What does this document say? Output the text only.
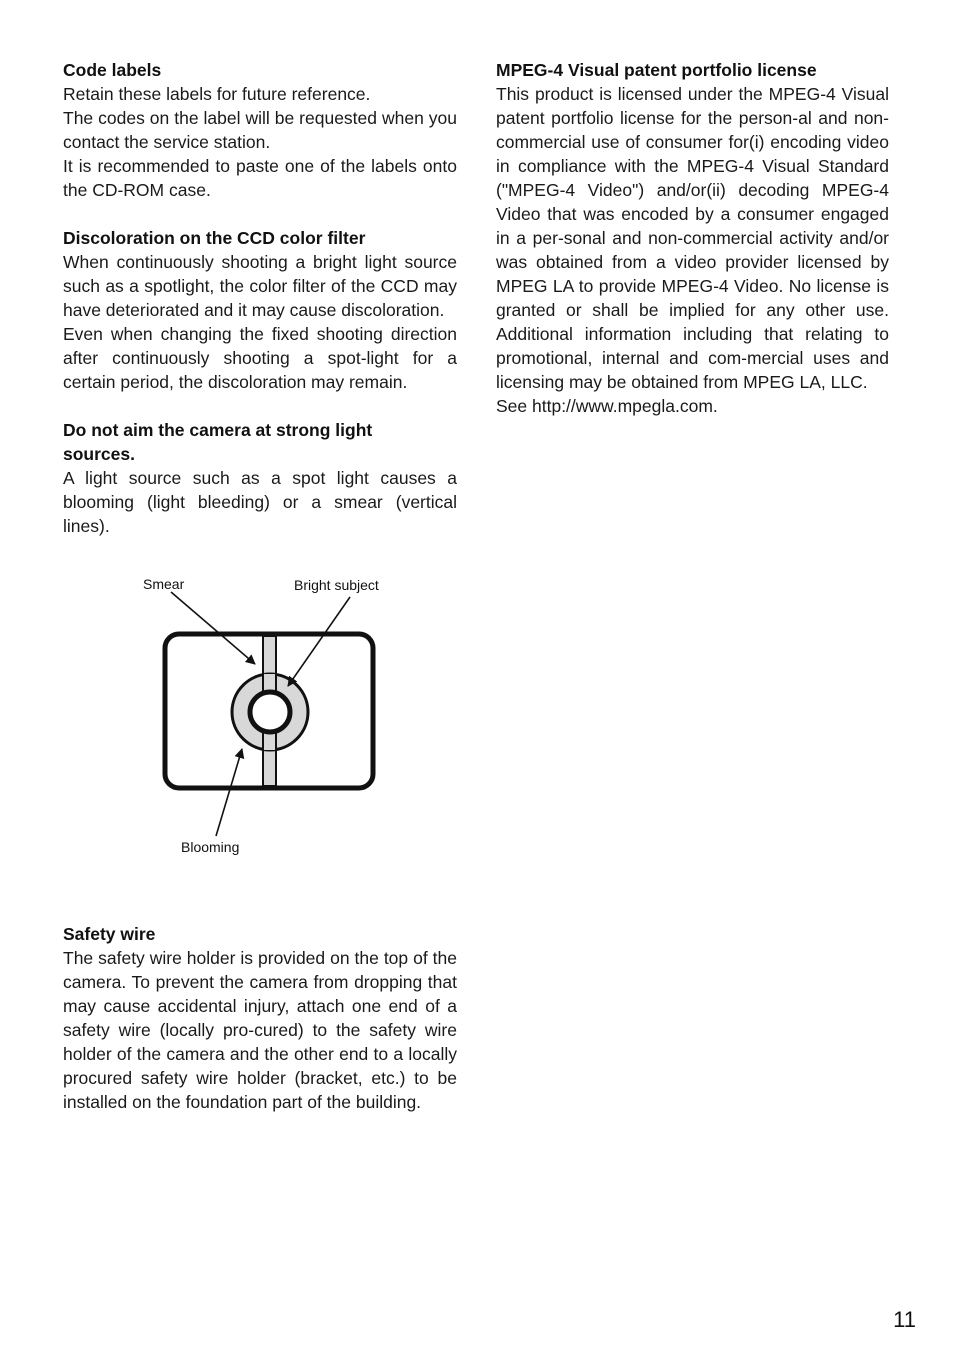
Code labels

Retain these labels for future reference.

The codes on the label will be requested when you contact the service station.

It is recommended to paste one of the labels onto the CD-ROM case.

Discoloration on the CCD color filter

When continuously shooting a bright light source such as a spotlight, the color filter of the CCD may have deteriorated and it may cause discoloration.

Even when changing the fixed shooting direction after continuously shooting a spot-light for a certain period, the discoloration may remain.

Do not aim the camera at strong light sources.

A light source such as a spot light causes a blooming (light bleeding) or a smear (vertical lines).

Smear	Bright subject
Blooming
Safety wire

The safety wire holder is provided on the top of the camera. To prevent the camera from dropping that may cause accidental injury, attach one end of a safety wire (locally pro-cured) to the safety wire holder of the camera and the other end to a locally procured safety wire holder (bracket, etc.) to be installed on the foundation part of the building.

MPEG-4 Visual patent portfolio license

This product is licensed under the MPEG-4 Visual patent portfolio license for the person-al and non-commercial use of consumer for(i) encoding video in compliance with the MPEG-4 Visual Standard ("MPEG-4 Video") and/or(ii) decoding MPEG-4 Video that was encoded by a consumer engaged in a per-sonal and non-commercial activity and/or was obtained from a video provider licensed by MPEG LA to provide MPEG-4 Video. No license is granted or shall be implied for any other use. Additional information including that relating to promotional, internal and com-mercial uses and licensing may be obtained from MPEG LA, LLC.

See http://www.mpegla.com.

11
